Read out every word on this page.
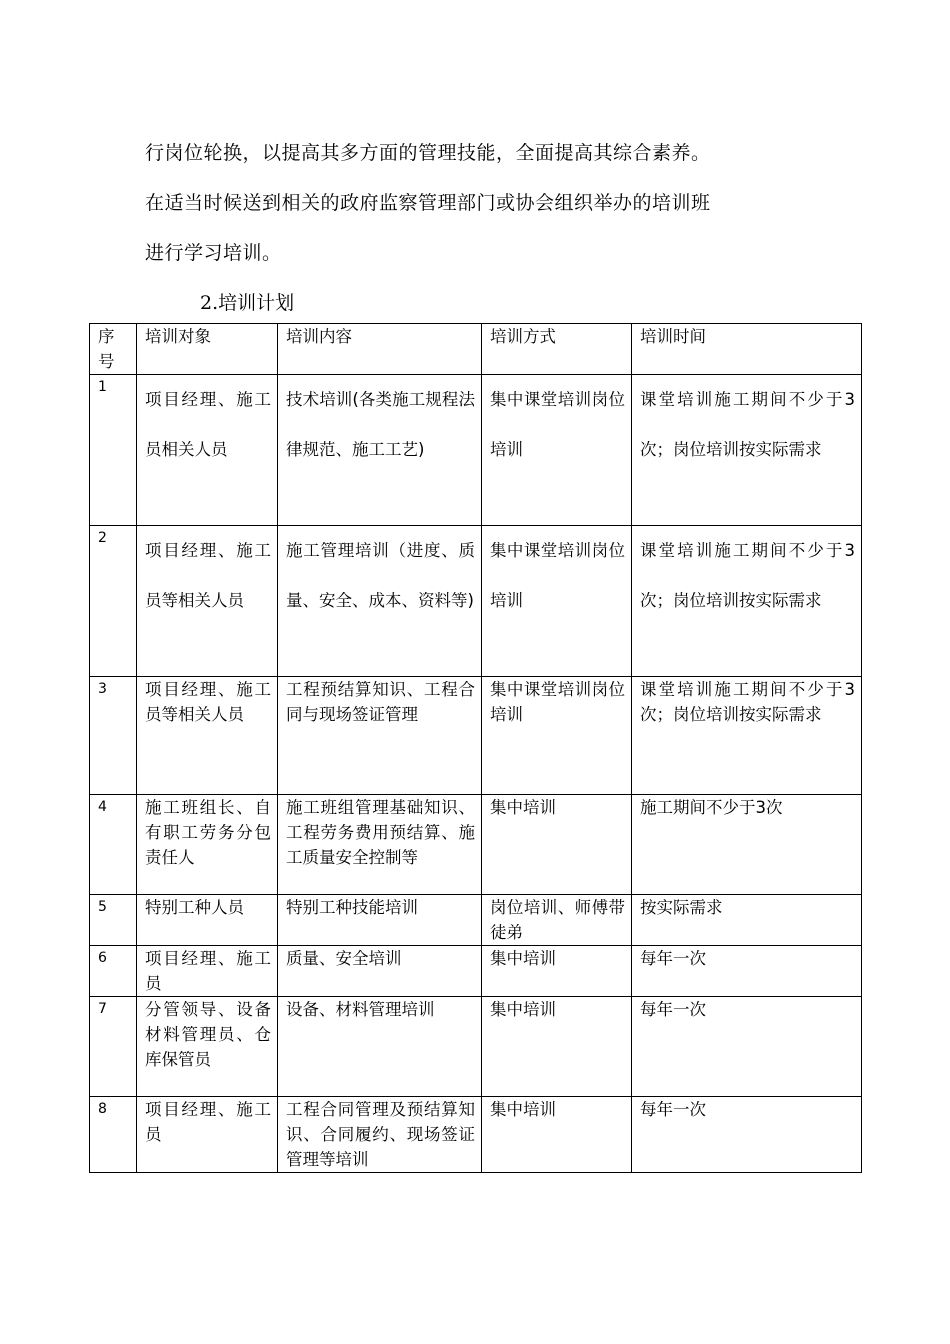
行岗位轮换，以提高其多方面的管理技能，全面提高其综合素养。
在适当时候送到相关的政府监察管理部门或协会组织举办的培训班
进行学习培训。
2.培训计划
序号	培训对象	培训内容	培训方式	培训时间
1	项目经理、施工员相关人员	技术培训(各类施工规程法律规范、施工工艺)	集中课堂培训岗位培训	课堂培训施工期间不少于3次；岗位培训按实际需求
2	项目经理、施工员等相关人员	施工管理培训（进度、质量、安全、成本、资料等)	集中课堂培训岗位培训	课堂培训施工期间不少于3次；岗位培训按实际需求
3	项目经理、施工员等相关人员	工程预结算知识、工程合同与现场签证管理	集中课堂培训岗位培训	课堂培训施工期间不少于3次；岗位培训按实际需求
4	施工班组长、自有职工劳务分包责任人	施工班组管理基础知识、工程劳务费用预结算、施工质量安全控制等	集中培训	施工期间不少于3次
5	特别工种人员	特别工种技能培训	岗位培训、师傅带徒弟	按实际需求
6	项目经理、施工员	质量、安全培训	集中培训	每年一次
7	分管领导、设备材料管理员、仓库保管员	设备、材料管理培训	集中培训	每年一次
8	项目经理、施工员	工程合同管理及预结算知识、合同履约、现场签证管理等培训	集中培训	每年一次
